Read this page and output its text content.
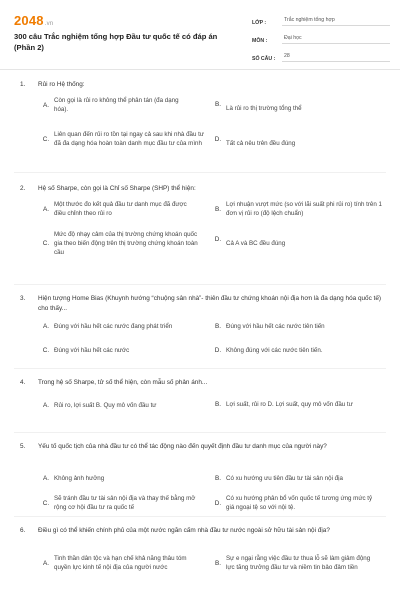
2048.vn
300 câu Trắc nghiệm tổng hợp Đầu tư quốc tế có đáp án (Phần 2)
LỚP :	Trắc nghiệm tổng hợp
MÔN :	Đại học
SỐ CÂU :	28
1. Rủi ro Hệ thống:
A.
Còn gọi là rủi ro không thể phân tán (đa dạng hóa).
B.
Là rủi ro thị trường tổng thể
C.
Liên quan đến rủi ro tồn tại ngay cả sau khi nhà đầu tư đã đa dạng hóa hoàn toàn danh mục đầu tư của mình
D.
Tất cả nêu trên đều đúng
2. Hệ số Sharpe, còn gọi là Chỉ số Sharpe (SHP) thể hiện:
A.
Một thước đo kết quả đầu tư danh mục đã được điều chỉnh theo rủi ro
B.
Lợi nhuận vượt mức (so với lãi suất phi rủi ro) tính trên 1 đơn vị rủi ro (độ lệch chuẩn)
C.
Mức độ nhạy cảm của thị trường chứng khoán quốc gia theo biến động trên thị trường chứng khoán toàn cầu
D.
Cả A và BC đều đúng
3. Hiện tượng Home Bias (Khuynh hướng “chuộng sân nhà”- thiên đầu tư chứng khoán nội địa hơn là đa dạng hóa quốc tế) cho thấy...
A. Đúng với hầu hết các nước đang phát triển	B. Đúng với hầu hết các nước tiên tiến
C. Đúng với hầu hết các nước	D. Không đúng với các nước tiên tiến.
4. Trong hệ số Sharpe, tử số thể hiện, còn mẫu số phản ánh...
A. Rủi ro, lợi suất B. Quy mô vốn đầu tư	B. Lợi suất, rủi ro D. Lợi suất, quy mô vốn đầu tư
5. Yếu tố quốc tịch của nhà đầu tư có thể tác động nào đến quyết định đầu tư danh mục của người này?
A. Không ảnh hưởng	B. Có xu hướng ưu tiên đầu tư tài sản nội địa
C.
Sẽ tránh đầu tư tài sản nội địa và thay thế bằng mở rộng cơ hội đầu tư ra quốc tế
D.
Có xu hướng phân bổ vốn quốc tế tương ứng mức tỷ giá ngoại tệ so với nội tệ.
6. Điều gì có thể khiến chính phủ của một nước ngăn cấm nhà đầu tư nước ngoài sở hữu tài sản nội địa?
A.
Tinh thần dân tộc và hạn chế khả năng thâu tóm quyền lực kinh tế nội địa của người nước
B.
Sự e ngại rằng việc đầu tư thua lỗ sẽ làm giảm động lực tăng trưởng đầu tư và niềm tin bảo đảm tiền
